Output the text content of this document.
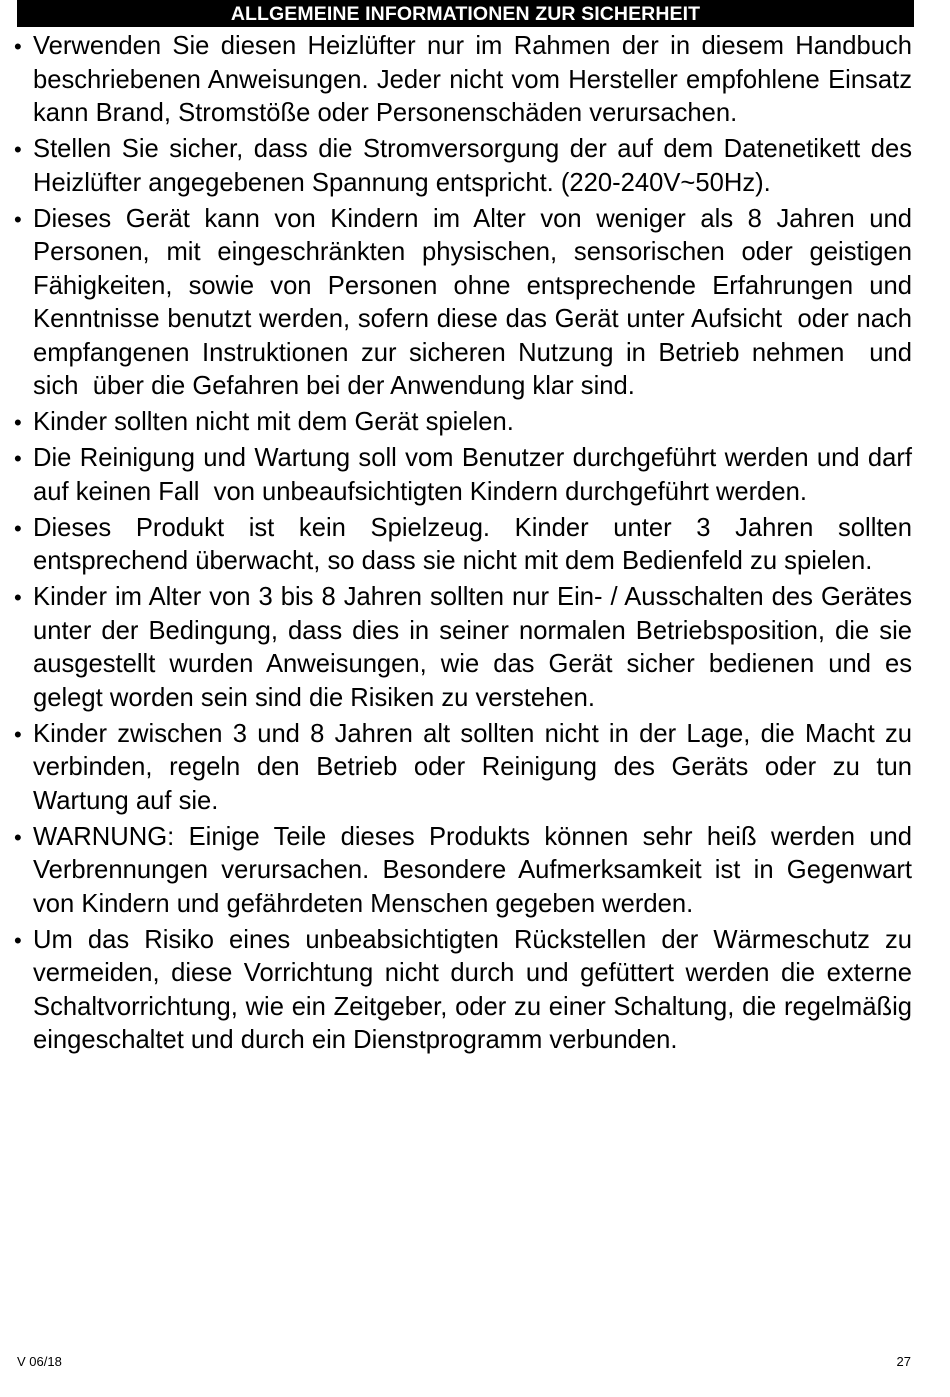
ALLGEMEINE INFORMATIONEN ZUR SICHERHEIT
• Verwenden Sie diesen Heizlüfter nur im Rahmen der in diesem Handbuch beschriebenen Anweisungen. Jeder nicht vom Hersteller empfohlene Einsatz kann Brand, Stromstöße oder Personenschäden verursachen.
• Stellen Sie sicher, dass die Stromversorgung der auf dem Datenetikett des Heizlüfter angegebenen Spannung entspricht. (220-240V~50Hz).
• Dieses Gerät kann von Kindern im Alter von weniger als 8 Jahren und Personen, mit eingeschränkten physischen, sensorischen oder geistigen Fähigkeiten, sowie von Personen ohne entsprechende Erfahrungen und Kenntnisse benutzt werden, sofern diese das Gerät unter Aufsicht  oder nach empfangenen Instruktionen zur sicheren Nutzung in Betrieb nehmen  und sich  über die Gefahren bei der Anwendung klar sind.
• Kinder sollten nicht mit dem Gerät spielen.
• Die Reinigung und Wartung soll vom Benutzer durchgeführt werden und darf auf keinen Fall  von unbeaufsichtigten Kindern durchgeführt werden.
• Dieses Produkt ist kein Spielzeug. Kinder unter 3 Jahren sollten entsprechend überwacht, so dass sie nicht mit dem Bedienfeld zu spielen.
• Kinder im Alter von 3 bis 8 Jahren sollten nur Ein- / Ausschalten des Gerätes unter der Bedingung, dass dies in seiner normalen Betriebsposition, die sie ausgestellt wurden Anweisungen, wie das Gerät sicher bedienen und es gelegt worden sein sind die Risiken zu verstehen.
• Kinder zwischen 3 und 8 Jahren alt sollten nicht in der Lage, die Macht zu verbinden, regeln den Betrieb oder Reinigung des Geräts oder zu tun Wartung auf sie.
• WARNUNG: Einige Teile dieses Produkts können sehr heiß werden und Verbrennungen verursachen. Besondere Aufmerksamkeit ist in Gegenwart von Kindern und gefährdeten Menschen gegeben werden.
• Um das Risiko eines unbeabsichtigten Rückstellen der Wärmeschutz zu vermeiden, diese Vorrichtung nicht durch und gefüttert werden die externe Schaltvorrichtung, wie ein Zeitgeber, oder zu einer Schaltung, die regelmäßig eingeschaltet und durch ein Dienstprogramm verbunden.
V 06/18	27
